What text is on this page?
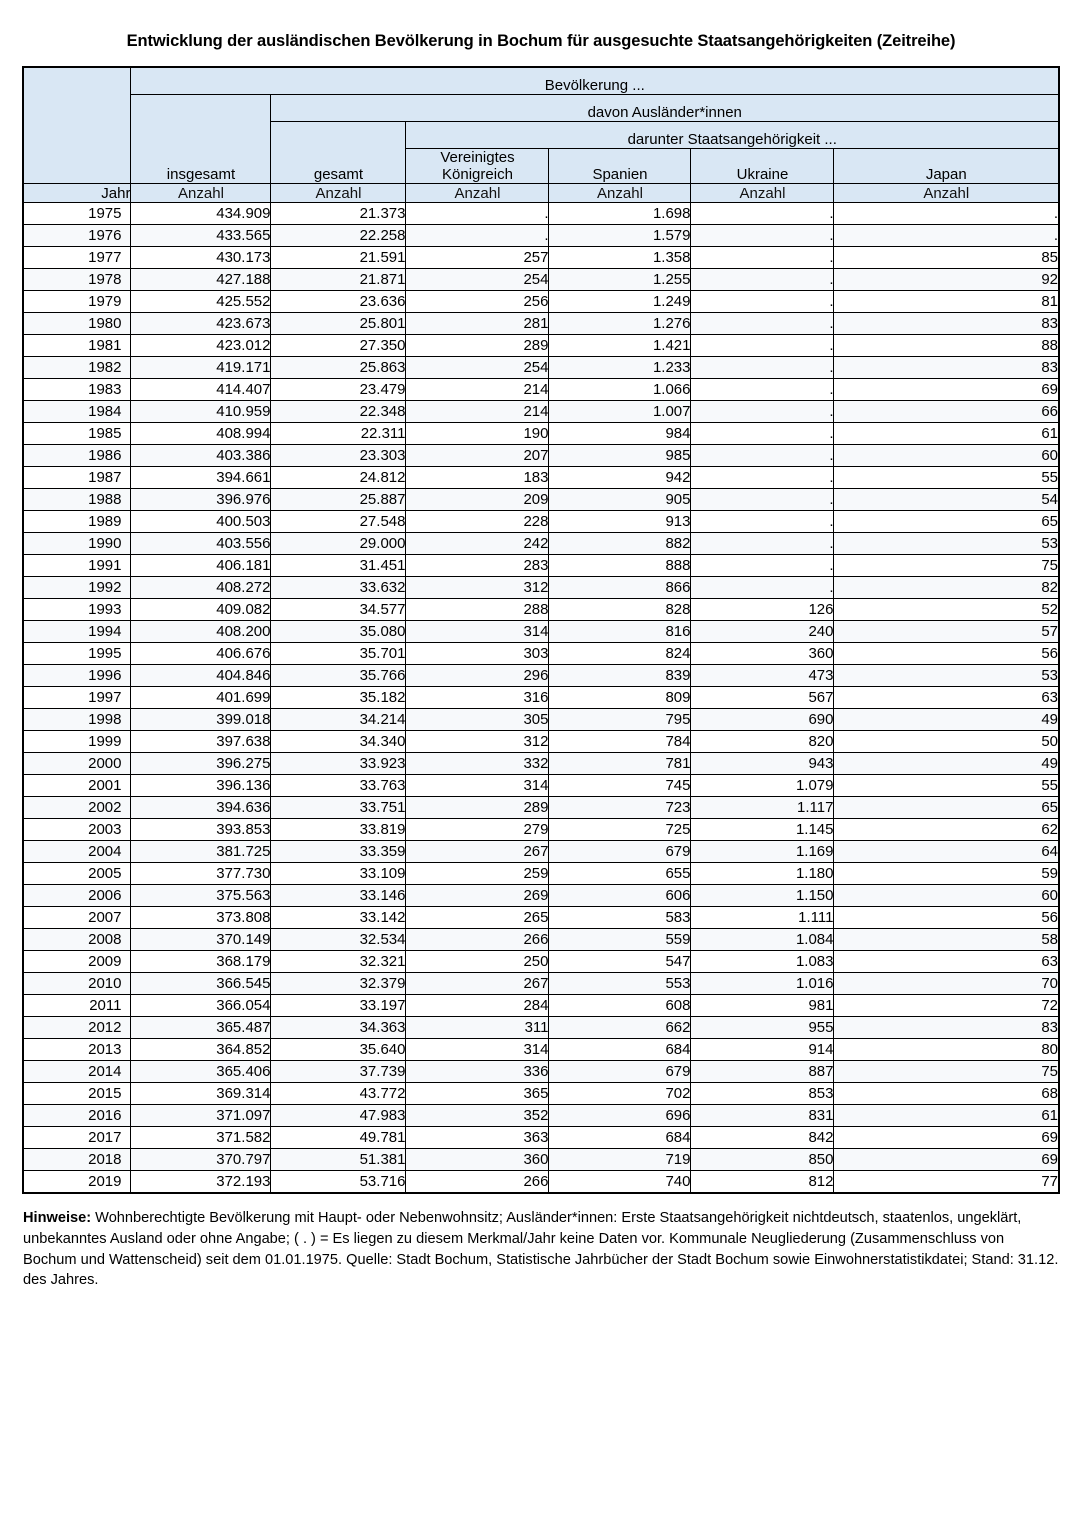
Entwicklung der ausländischen Bevölkerung in Bochum für ausgesuchte Staatsangehörigkeiten (Zeitreihe)
	Bevölkerung ...					
	insgesamt	davon Ausländer*innen				
		gesamt	darunter Staatsangehörigkeit ...			

			Vereinigtes
Königreich	Spanien	Ukraine	Japan
Jahr	Anzahl	Anzahl	Anzahl	Anzahl	Anzahl	Anzahl
1975	434.909	21.373	.	1.698	.	.
1976	433.565	22.258	.	1.579	.	.
1977	430.173	21.591	257	1.358	.	85
1978	427.188	21.871	254	1.255	.	92
1979	425.552	23.636	256	1.249	.	81
1980	423.673	25.801	281	1.276	.	83
1981	423.012	27.350	289	1.421	.	88
1982	419.171	25.863	254	1.233	.	83
1983	414.407	23.479	214	1.066	.	69
1984	410.959	22.348	214	1.007	.	66
1985	408.994	22.311	190	984	.	61
1986	403.386	23.303	207	985	.	60
1987	394.661	24.812	183	942	.	55
1988	396.976	25.887	209	905	.	54
1989	400.503	27.548	228	913	.	65
1990	403.556	29.000	242	882	.	53
1991	406.181	31.451	283	888	.	75
1992	408.272	33.632	312	866	.	82
1993	409.082	34.577	288	828	126	52
1994	408.200	35.080	314	816	240	57
1995	406.676	35.701	303	824	360	56
1996	404.846	35.766	296	839	473	53
1997	401.699	35.182	316	809	567	63
1998	399.018	34.214	305	795	690	49
1999	397.638	34.340	312	784	820	50
2000	396.275	33.923	332	781	943	49
2001	396.136	33.763	314	745	1.079	55
2002	394.636	33.751	289	723	1.117	65
2003	393.853	33.819	279	725	1.145	62
2004	381.725	33.359	267	679	1.169	64
2005	377.730	33.109	259	655	1.180	59
2006	375.563	33.146	269	606	1.150	60
2007	373.808	33.142	265	583	1.111	56
2008	370.149	32.534	266	559	1.084	58
2009	368.179	32.321	250	547	1.083	63
2010	366.545	32.379	267	553	1.016	70
2011	366.054	33.197	284	608	981	72
2012	365.487	34.363	311	662	955	83
2013	364.852	35.640	314	684	914	80
2014	365.406	37.739	336	679	887	75
2015	369.314	43.772	365	702	853	68
2016	371.097	47.983	352	696	831	61
2017	371.582	49.781	363	684	842	69
2018	370.797	51.381	360	719	850	69
2019	372.193	53.716	266	740	812	77

Hinweise: Wohnberechtigte Bevölkerung mit Haupt- oder Nebenwohnsitz; Ausländer*innen: Erste Staatsangehörigkeit nichtdeutsch, staatenlos, ungeklärt, unbekanntes Ausland oder ohne Angabe; ( . ) = Es liegen zu diesem Merkmal/Jahr keine Daten vor. Kommunale Neugliederung (Zusammenschluss von Bochum und Wattenscheid) seit dem 01.01.1975. Quelle: Stadt Bochum, Statistische Jahrbücher der Stadt Bochum sowie Einwohnerstatistikdatei; Stand: 31.12. des Jahres.
